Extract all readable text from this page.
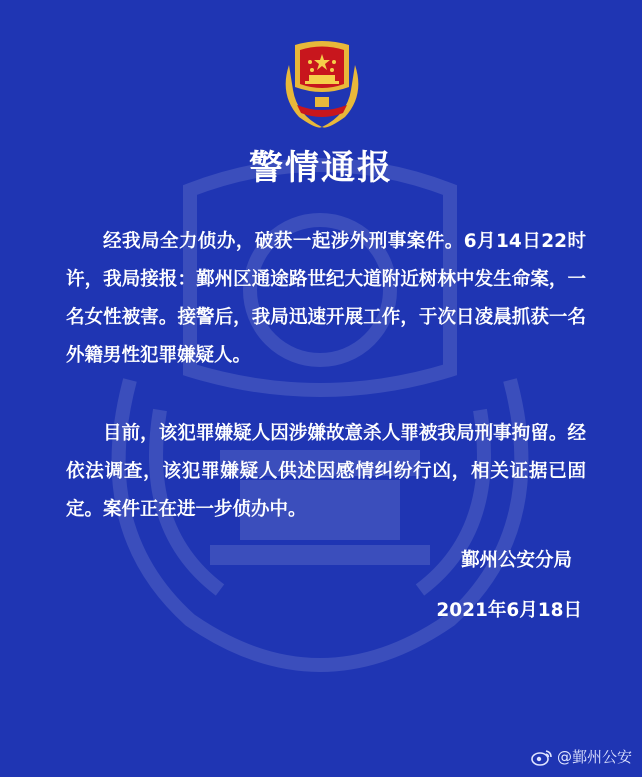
警情通报

经我局全力侦办，破获一起涉外刑事案件。6月14日22时许，我局接报：鄞州区通途路世纪大道附近树林中发生命案，一名女性被害。接警后，我局迅速开展工作，于次日凌晨抓获一名外籍男性犯罪嫌疑人。

目前，该犯罪嫌疑人因涉嫌故意杀人罪被我局刑事拘留。经依法调查，该犯罪嫌疑人供述因感情纠纷行凶，相关证据已固定。案件正在进一步侦办中。

鄞州公安分局
2021年6月18日
@鄞州公安
